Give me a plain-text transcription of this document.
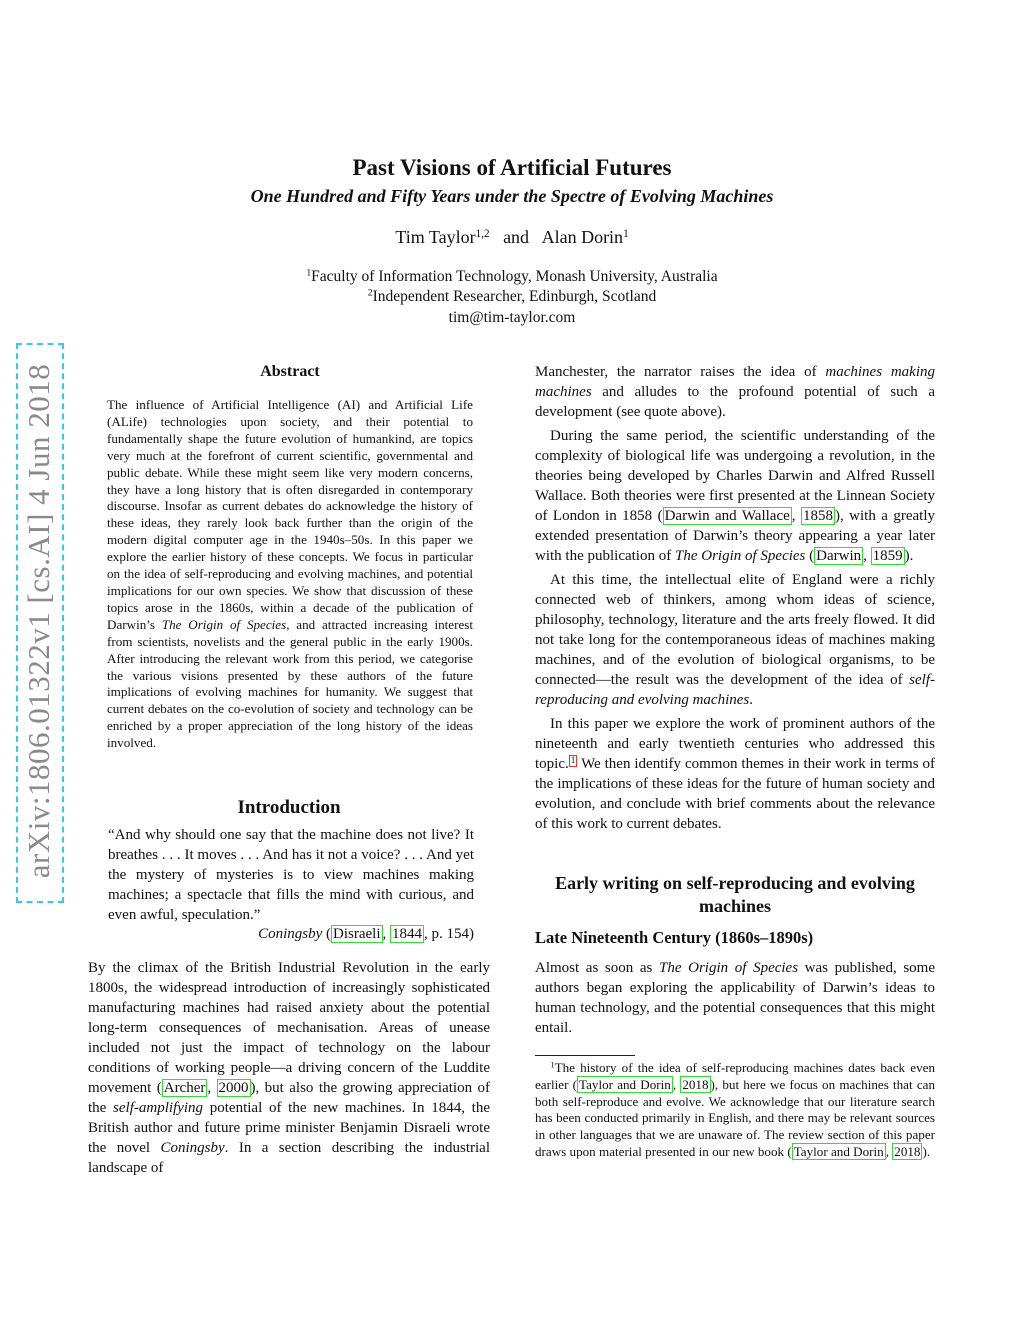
arXiv:1806.01322v1 [cs.AI] 4 Jun 2018
Past Visions of Artificial Futures
One Hundred and Fifty Years under the Spectre of Evolving Machines
Tim Taylor$^{1,2}$ and Alan Dorin$^1$
$^1$Faculty of Information Technology, Monash University, Australia
$^2$Independent Researcher, Edinburgh, Scotland
tim@tim-taylor.com
Abstract
The influence of Artificial Intelligence (AI) and Artificial Life (ALife) technologies upon society, and their potential to fundamentally shape the future evolution of humankind, are topics very much at the forefront of current scientific, governmental and public debate. While these might seem like very modern concerns, they have a long history that is often disregarded in contemporary discourse. Insofar as current debates do acknowledge the history of these ideas, they rarely look back further than the origin of the modern digital computer age in the 1940s–50s. In this paper we explore the earlier history of these concepts. We focus in particular on the idea of self-reproducing and evolving machines, and potential implications for our own species. We show that discussion of these topics arose in the 1860s, within a decade of the publication of Darwin’s The Origin of Species, and attracted increasing interest from scientists, novelists and the general public in the early 1900s. After introducing the relevant work from this period, we categorise the various visions presented by these authors of the future implications of evolving machines for humanity. We suggest that current debates on the co-evolution of society and technology can be enriched by a proper appreciation of the long history of the ideas involved.
Introduction
“And why should one say that the machine does not live? It breathes . . . It moves . . . And has it not a voice? . . . And yet the mystery of mysteries is to view machines making machines; a spectacle that fills the mind with curious, and even awful, speculation.”
Coningsby ( Disraeli , 1844 , p. 154)
By the climax of the British Industrial Revolution in the early 1800s, the widespread introduction of increasingly sophisticated manufacturing machines had raised anxiety about the potential long-term consequences of mechanisation. Areas of unease included not just the impact of technology on the labour conditions of working people—a driving concern of the Luddite movement ( Archer , 2000 ), but also the growing appreciation of the self-amplifying potential of the new machines. In 1844, the British author and future prime minister Benjamin Disraeli wrote the novel Coningsby. In a section describing the industrial landscape of

Manchester, the narrator raises the idea of machines making machines and alludes to the profound potential of such a development (see quote above).

During the same period, the scientific understanding of the complexity of biological life was undergoing a revolution, in the theories being developed by Charles Darwin and Alfred Russell Wallace. Both theories were first presented at the Linnean Society of London in 1858 ( Darwin and Wallace , 1858 ), with a greatly extended presentation of Darwin’s theory appearing a year later with the publication of The Origin of Species ( Darwin , 1859 ).

At this time, the intellectual elite of England were a richly connected web of thinkers, among whom ideas of science, philosophy, technology, literature and the arts freely flowed. It did not take long for the contemporaneous ideas of machines making machines, and of the evolution of biological organisms, to be connected—the result was the development of the idea of self-reproducing and evolving machines.

In this paper we explore the work of prominent authors of the nineteenth and early twentieth centuries who addressed this topic. $^1$ We then identify common themes in their work in terms of the implications of these ideas for the future of human society and evolution, and conclude with brief comments about the relevance of this work to current debates.

Early writing on self-reproducing and evolving machines
Late Nineteenth Century (1860s–1890s)
Almost as soon as The Origin of Species was published, some authors began exploring the applicability of Darwin’s ideas to human technology, and the potential consequences that this might entail.
$^1$The history of the idea of self-reproducing machines dates back even earlier ( Taylor and Dorin , 2018 ), but here we focus on machines that can both self-reproduce and evolve. We acknowledge that our literature search has been conducted primarily in English, and there may be relevant sources in other languages that we are unaware of. The review section of this paper draws upon material presented in our new book ( Taylor and Dorin , 2018 ).
